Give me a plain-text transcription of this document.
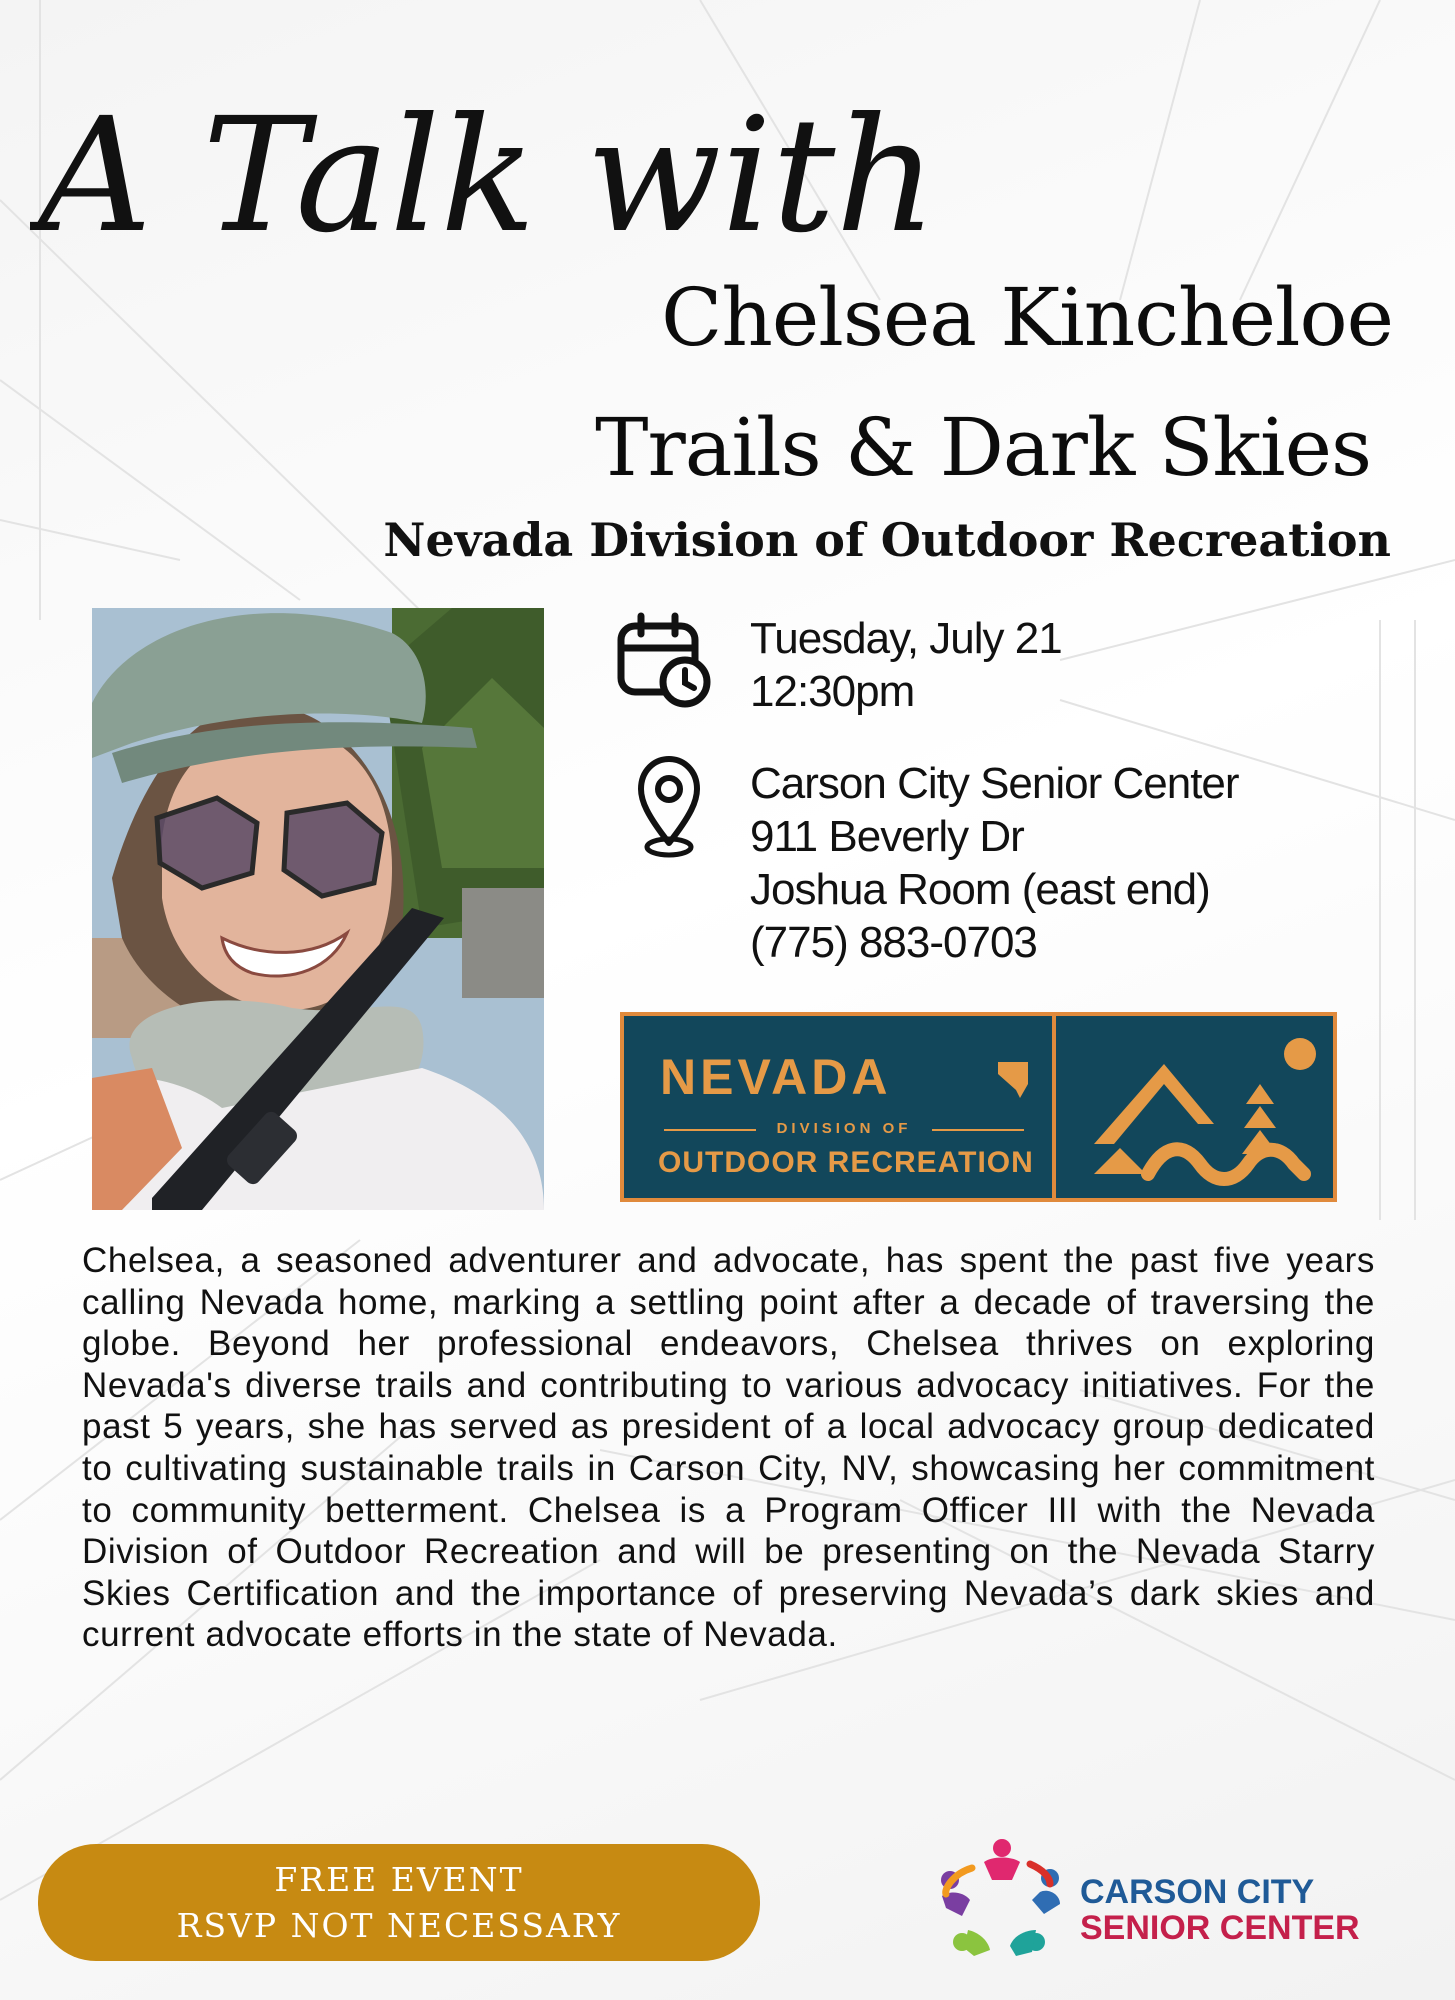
A Talk with
Chelsea Kincheloe
Trails & Dark Skies
Nevada Division of Outdoor Recreation
Tuesday, July 21
12:30pm
Carson City Senior Center
911 Beverly Dr
Joshua Room (east end)
(775) 883-0703
NEVADA
DIVISION OF
OUTDOOR RECREATION

Chelsea, a seasoned adventurer and advocate, has spent the past five years calling Nevada home, marking a settling point after a decade of traversing the globe. Beyond her professional endeavors, Chelsea thrives on exploring Nevada's diverse trails and contributing to various advocacy initiatives. For the past 5 years, she has served as president of a local advocacy group dedicated to cultivating sustainable trails in Carson City, NV, showcasing her commitment to community betterment. Chelsea is a Program Officer III with the Nevada Division of Outdoor Recreation and will be presenting on the Nevada Starry Skies Certification and the importance of preserving Nevada’s dark skies and current advocate efforts in the state of Nevada.

FREE EVENT
RSVP NOT NECESSARY
CARSON CITY
SENIOR CENTER
